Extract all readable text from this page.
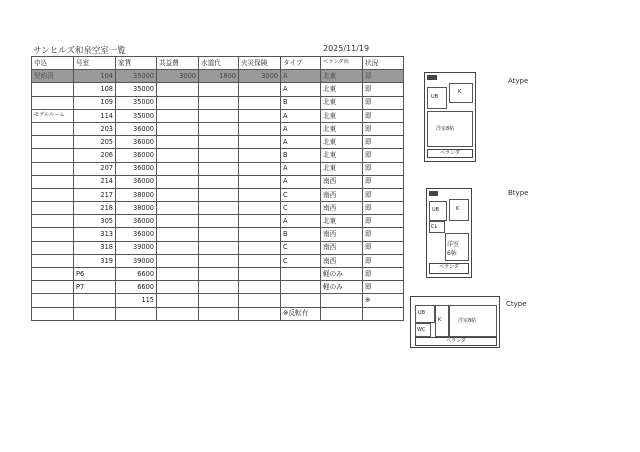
サンヒルズ和泉空室一覧	2025/11/19
申込	号室	家賃	共益費	水道代	火災保険	タイプ	ベランダ向	状況
契約済	104	35000	3000	1800	3000	A	北東	即
	108	35000				A	北東	即
	109	35000				B	北東	即
モデルルーム	114	35000				A	北東	即
	203	36000				A	北東	即
	205	36000				A	北東	即
	206	36000				B	北東	即
	207	36000				A	北東	即
	214	36000				A	南西	即
	217	38000				C	南西	即
	218	38000				C	南西	即
	305	36000				A	北東	即
	313	36000				B	南西	即
	318	39000				C	南西	即
	319	39000				C	南西	即
	P6	6600					軽のみ	即
	P7	6600					軽のみ	即
		115						※
						※反転有		
UB
K
洋室8帖
ベランダ
Atype
UB
CL
K
洋室
6帖
ベランダ
Btype
UB
WC
K	洋室8帖
ベランダ
Ctype
